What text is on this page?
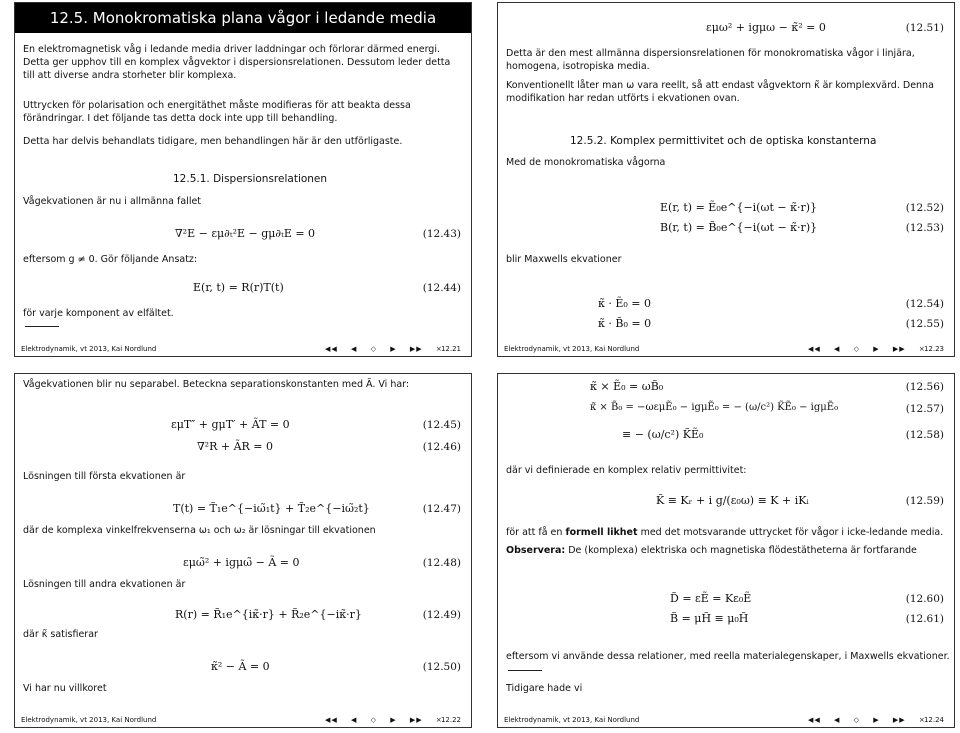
12.5. Monokromatiska plana vågor i ledande media
En elektromagnetisk våg i ledande media driver laddningar och förlorar därmed energi. Detta ger upphov till en komplex vågvektor i dispersionsrelationen. Dessutom leder detta till att diverse andra storheter blir komplexa.
Uttrycken för polarisation och energitäthet måste modifieras för att beakta dessa förändringar. I det följande tas detta dock inte upp till behandling.
Detta har delvis behandlats tidigare, men behandlingen här är den utförligaste.
12.5.1. Dispersionsrelationen
Vågekvationen är nu i allmänna fallet
∇²E − εμ∂ₜ²E − gμ∂ₜE = 0	(12.43)
eftersom g ≠ 0. Gör följande Ansatz:
E(r, t) = R(r)T(t)	(12.44)
för varje komponent av elfältet.
Elektrodynamik, vt 2013, Kai Nordlund	◀◀ ◀ ◇ ▶ ▶▶ ×
12.21
εμω² + igμω − κ̃² = 0	(12.51)
Detta är den mest allmänna dispersionsrelationen för monokromatiska vågor i linjära, homogena, isotropiska media.
Konventionellt låter man ω vara reellt, så att endast vågvektorn κ̃ är komplexvärd. Denna modifikation har redan utförts i ekvationen ovan.
12.5.2. Komplex permittivitet och de optiska konstanterna
Med de monokromatiska vågorna
E(r, t) = Ẽ₀e^{−i(ωt − κ̃·r)}	(12.52)
B(r, t) = B̃₀e^{−i(ωt − κ̃·r)}	(12.53)
blir Maxwells ekvationer
κ̃ · Ẽ₀ = 0	(12.54)
κ̃ · B̃₀ = 0	(12.55)
Elektrodynamik, vt 2013, Kai Nordlund	◀◀ ◀ ◇ ▶ ▶▶ ×
12.23
Vågekvationen blir nu separabel. Beteckna separationskonstanten med Ã. Vi har:
εμT″ + gμT′ + ÃT = 0	(12.45)
∇²R + ÃR = 0	(12.46)
Lösningen till första ekvationen är
T(t) = T̃₁e^{−iω̃₁t} + T̃₂e^{−iω̃₂t}	(12.47)
där de komplexa vinkelfrekvenserna ω₁ och ω₂ är lösningar till ekvationen
εμω̃² + igμω̃ − Ã = 0	(12.48)
Lösningen till andra ekvationen är
R(r) = R̃₁e^{iκ̃·r} + R̃₂e^{−iκ̃·r}	(12.49)
där κ̃ satisfierar
κ̃² − Ã = 0	(12.50)
Vi har nu villkoret
Elektrodynamik, vt 2013, Kai Nordlund	◀◀ ◀ ◇ ▶ ▶▶ ×
12.22
κ̃ × Ẽ₀ = ωB̃₀	(12.56)
κ̃ × B̃₀ = −ωεμẼ₀ − igμẼ₀ = − (ω/c²) K̃Ẽ₀ − igμẼ₀	(12.57)
≡ − (ω/c²) K̃Ẽ₀	(12.58)
där vi definierade en komplex relativ permittivitet:
K̃ ≡ Kᵣ + i g/(ε₀ω) ≡ K + iKᵢ	(12.59)
för att få en formell likhet med det motsvarande uttrycket för vågor i icke-ledande media.
Observera: De (komplexa) elektriska och magnetiska flödestätheterna är fortfarande
D̃ = εẼ = Kε₀Ẽ	(12.60)
B̃ = μH̃ ≡ μ₀H̃	(12.61)
eftersom vi använde dessa relationer, med reella materialegenskaper, i Maxwells ekvationer.
Tidigare hade vi
Elektrodynamik, vt 2013, Kai Nordlund	◀◀ ◀ ◇ ▶ ▶▶ ×
12.24
